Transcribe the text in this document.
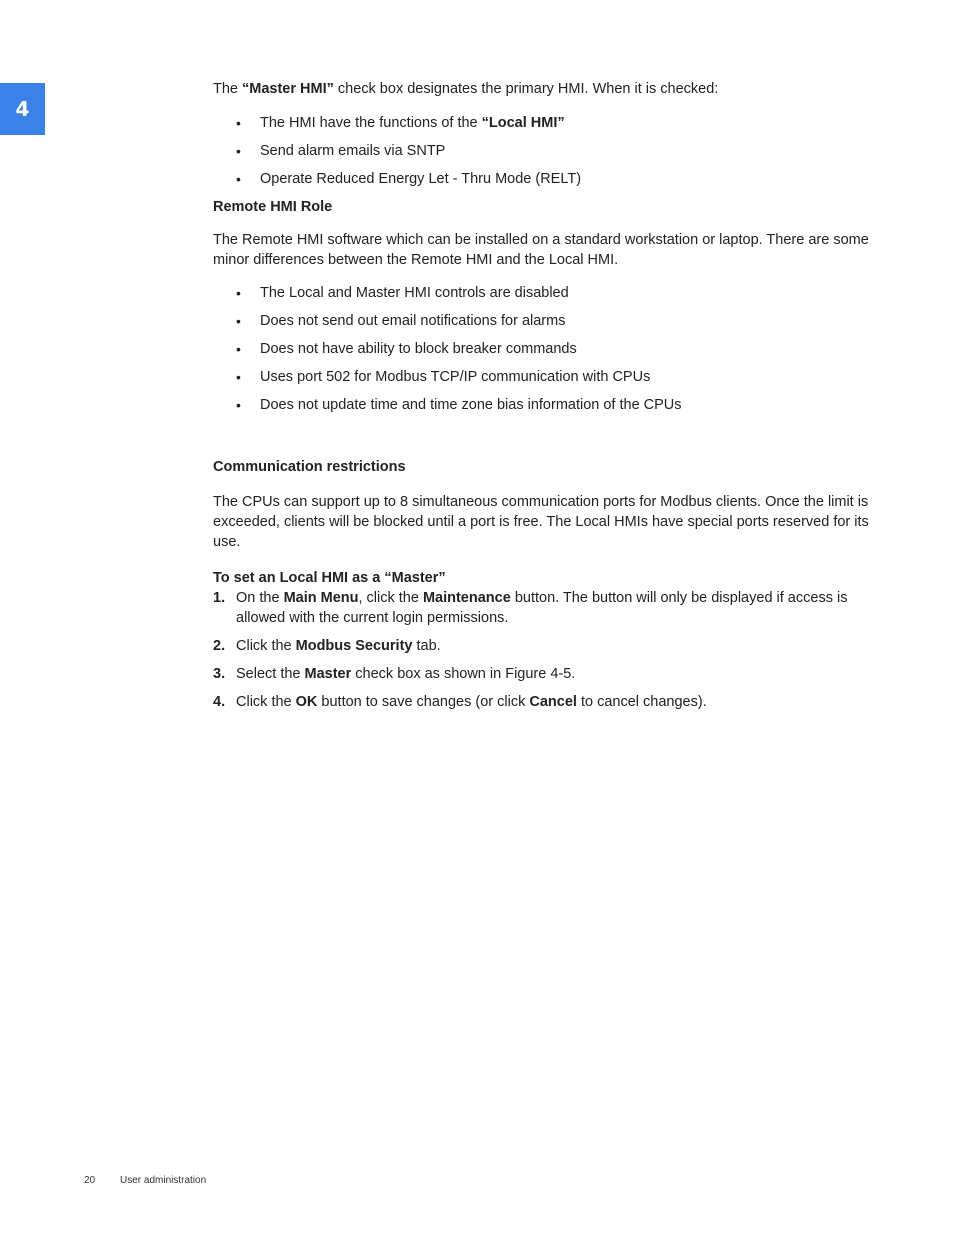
4

The “Master HMI” check box designates the primary HMI. When it is checked:

• The HMI have the functions of the “Local HMI”
• Send alarm emails via SNTP
• Operate Reduced Energy Let - Thru Mode (RELT)

Remote HMI Role

The Remote HMI software which can be installed on a standard workstation or laptop. There are some minor differences between the Remote HMI and the Local HMI.

• The Local and Master HMI controls are disabled
• Does not send out email notifications for alarms
• Does not have ability to block breaker commands
• Uses port 502 for Modbus TCP/IP communication with CPUs
• Does not update time and time zone bias information of the CPUs

Communication restrictions

The CPUs can support up to 8 simultaneous communication ports for Modbus clients. Once the limit is exceeded, clients will be blocked until a port is free. The Local HMIs have special ports reserved for its use.

To set an Local HMI as a “Master”

1. On the Main Menu, click the Maintenance button. The button will only be displayed if access is allowed with the current login permissions.
2. Click the Modbus Security tab.
3. Select the Master check box as shown in Figure 4-5.
4. Click the OK button to save changes (or click Cancel to cancel changes).
20 User administration
